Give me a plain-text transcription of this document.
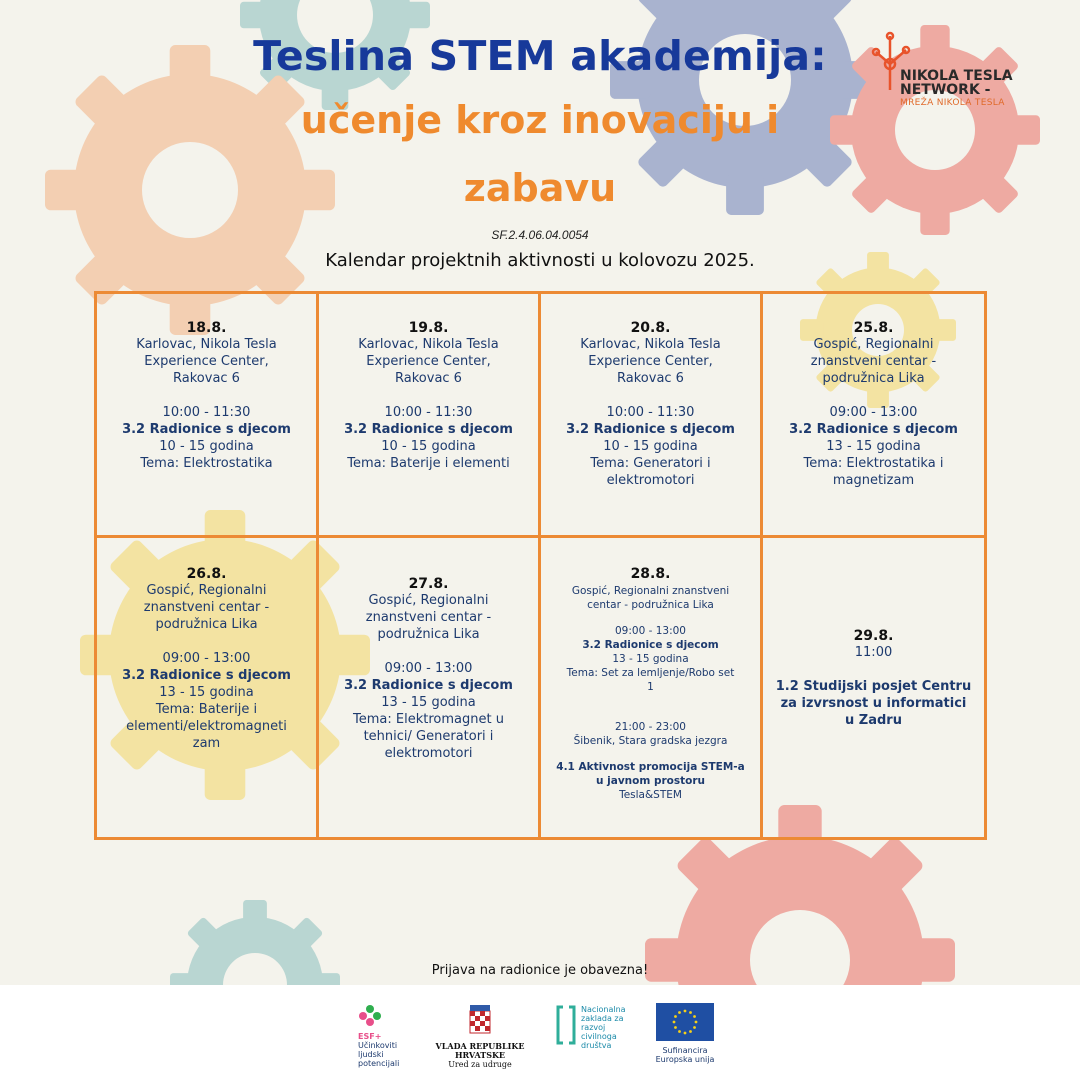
Teslina STEM akademija:
učenje kroz inovaciju i
zabavu
SF.2.4.06.04.0054
Kalendar projektnih aktivnosti u kolovozu 2025.
NIKOLA TESLA
NETWORK -
MREŽA NIKOLA TESLA
18.8.
Karlovac, Nikola Tesla
Experience Center,
Rakovac 6
10:00 - 11:30
3.2 Radionice s djecom
10 - 15 godina
Tema: Elektrostatika
19.8.
Karlovac, Nikola Tesla
Experience Center,
Rakovac 6
10:00 - 11:30
3.2 Radionice s djecom
10 - 15 godina
Tema: Baterije i elementi
20.8.
Karlovac, Nikola Tesla
Experience Center,
Rakovac 6
10:00 - 11:30
3.2 Radionice s djecom
10 - 15 godina
Tema: Generatori i
elektromotori
25.8.
Gospić, Regionalni
znanstveni centar -
podružnica Lika
09:00 - 13:00
3.2 Radionice s djecom
13 - 15 godina
Tema: Elektrostatika i
magnetizam
26.8.
Gospić, Regionalni
znanstveni centar -
podružnica Lika
09:00 - 13:00
3.2 Radionice s djecom
13 - 15 godina
Tema: Baterije i
elementi/elektromagneti
zam
27.8.
Gospić, Regionalni
znanstveni centar -
podružnica Lika
09:00 - 13:00
3.2 Radionice s djecom
13 - 15 godina
Tema: Elektromagnet u
tehnici/ Generatori i
elektromotori
28.8.
Gospić, Regionalni znanstveni
centar - podružnica Lika
09:00 - 13:00
3.2 Radionice s djecom
13 - 15 godina
Tema: Set za lemljenje/Robo set
1
21:00 - 23:00
Šibenik, Stara gradska jezgra
4.1 Aktivnost promocija STEM-a
u javnom prostoru
Tesla&STEM
29.8.
11:00
1.2 Studijski posjet Centru
za izvrsnost u informatici
u Zadru
Prijava na radionice je obavezna!
ESF+
Učinkoviti
ljudski
potencijali
VLADA REPUBLIKE HRVATSKE
Ured za udruge
Nacionalna
zaklada za
razvoj
civilnoga
društva
Sufinancira
Europska unija
